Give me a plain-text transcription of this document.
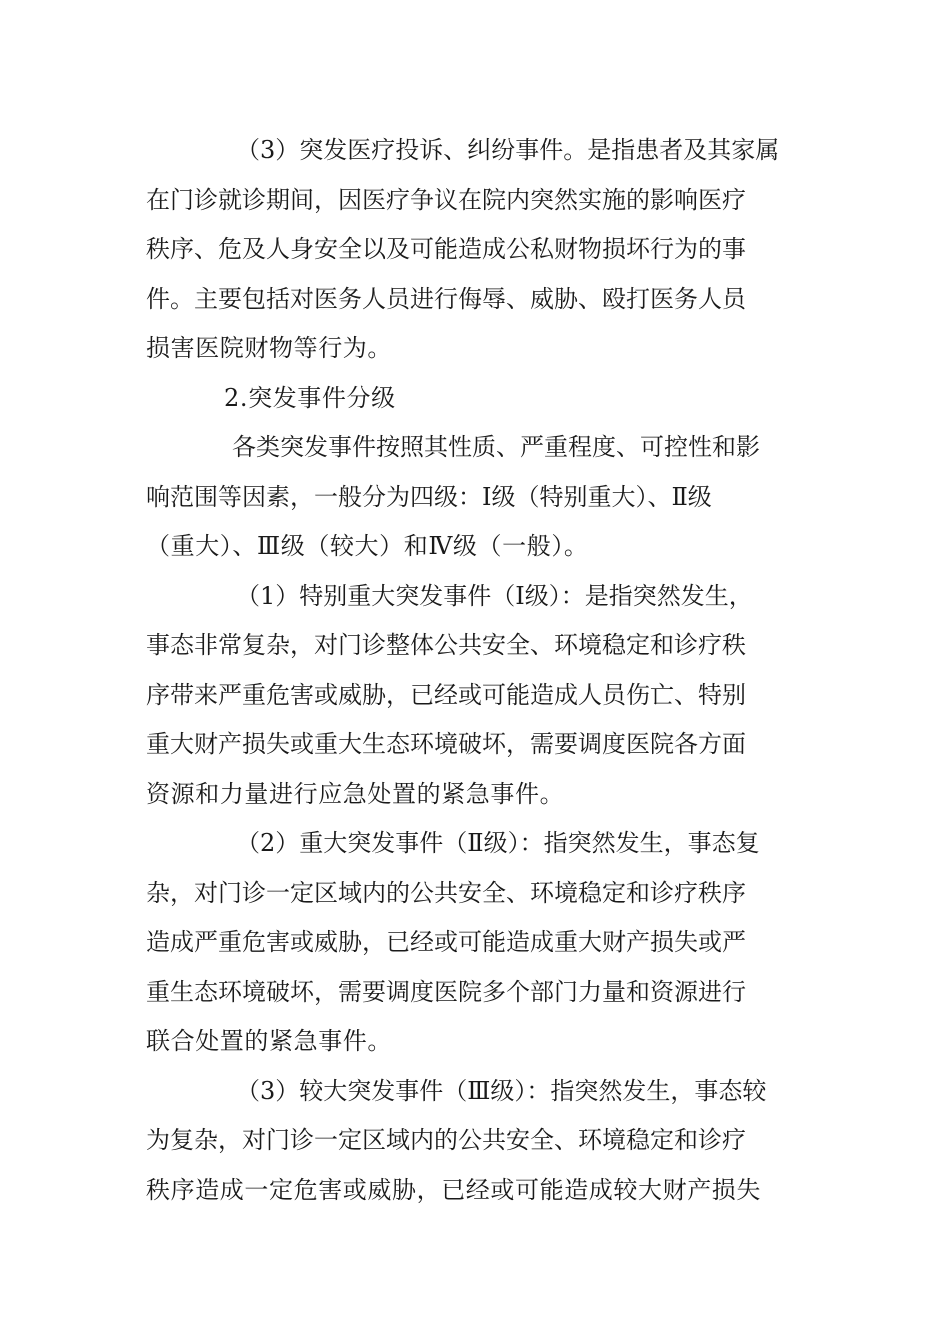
（3）突发医疗投诉、纠纷事件。是指患者及其家属
在门诊就诊期间，因医疗争议在院内突然实施的影响医疗
秩序、危及人身安全以及可能造成公私财物损坏行为的事
件。主要包括对医务人员进行侮辱、威胁、殴打医务人员
损害医院财物等行为。
2.突发事件分级
各类突发事件按照其性质、严重程度、可控性和影
响范围等因素，一般分为四级：Ⅰ级（特别重大）、Ⅱ级
（重大）、Ⅲ级（较大）和Ⅳ级（一般）。
（1）特别重大突发事件（Ⅰ级）：是指突然发生，
事态非常复杂，对门诊整体公共安全、环境稳定和诊疗秩
序带来严重危害或威胁，已经或可能造成人员伤亡、特别
重大财产损失或重大生态环境破坏，需要调度医院各方面
资源和力量进行应急处置的紧急事件。
（2）重大突发事件（Ⅱ级）：指突然发生，事态复
杂，对门诊一定区域内的公共安全、环境稳定和诊疗秩序
造成严重危害或威胁，已经或可能造成重大财产损失或严
重生态环境破坏，需要调度医院多个部门力量和资源进行
联合处置的紧急事件。
（3）较大突发事件（Ⅲ级）：指突然发生，事态较
为复杂，对门诊一定区域内的公共安全、环境稳定和诊疗
秩序造成一定危害或威胁，已经或可能造成较大财产损失
